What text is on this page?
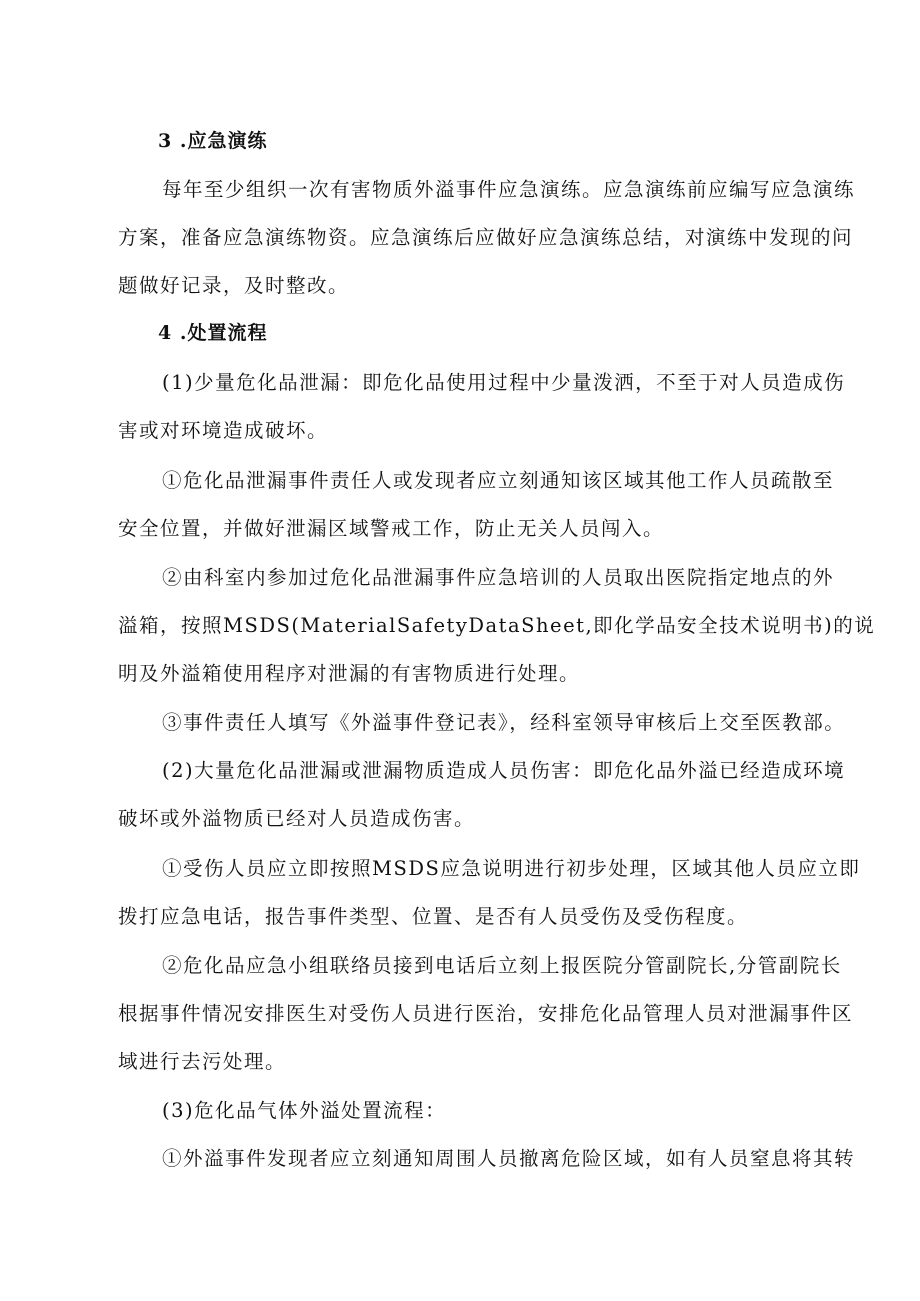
3 .应急演练
每年至少组织一次有害物质外溢事件应急演练。应急演练前应编写应急演练
方案，准备应急演练物资。应急演练后应做好应急演练总结，对演练中发现的问
题做好记录，及时整改。
4 .处置流程
(1)少量危化品泄漏：即危化品使用过程中少量泼洒，不至于对人员造成伤
害或对环境造成破坏。
①危化品泄漏事件责任人或发现者应立刻通知该区域其他工作人员疏散至
安全位置，并做好泄漏区域警戒工作，防止无关人员闯入。
②由科室内参加过危化品泄漏事件应急培训的人员取出医院指定地点的外
溢箱，按照MSDS(MaterialSafetyDataSheet,即化学品安全技术说明书)的说
明及外溢箱使用程序对泄漏的有害物质进行处理。
③事件责任人填写《外溢事件登记表》，经科室领导审核后上交至医教部。
(2)大量危化品泄漏或泄漏物质造成人员伤害：即危化品外溢已经造成环境
破坏或外溢物质已经对人员造成伤害。
①受伤人员应立即按照MSDS应急说明进行初步处理，区域其他人员应立即
拨打应急电话，报告事件类型、位置、是否有人员受伤及受伤程度。
②危化品应急小组联络员接到电话后立刻上报医院分管副院长,分管副院长
根据事件情况安排医生对受伤人员进行医治，安排危化品管理人员对泄漏事件区
域进行去污处理。
(3)危化品气体外溢处置流程：
①外溢事件发现者应立刻通知周围人员撤离危险区域，如有人员窒息将其转
